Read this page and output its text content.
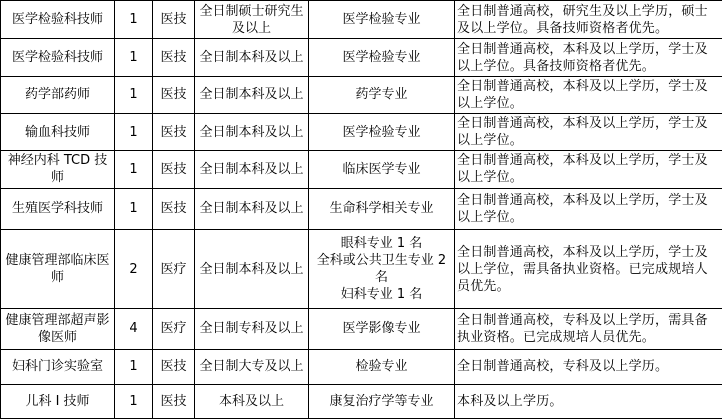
医学检验科技师	1	医技	全日制硕士研究生及以上	医学检验专业	全日制普通高校，研究生及以上学历，硕士及以上学位。具备技师资格者优先。
医学检验科技师	1	医技	全日制本科及以上	医学检验专业	全日制普通高校，本科及以上学历，学士及以上学位。具备技师资格者优先。
药学部药师	1	医技	全日制本科及以上	药学专业	全日制普通高校，本科及以上学历，学士及以上学位。
输血科技师	1	医技	全日制本科及以上	医学检验专业	全日制普通高校，本科及以上学历，学士及以上学位。
神经内科 TCD 技师	1	医技	全日制本科及以上	临床医学专业	全日制普通高校，本科及以上学历，学士及以上学位。
生殖医学科技师	1	医技	全日制本科及以上	生命科学相关专业	全日制普通高校，本科及以上学历，学士及以上学位。
健康管理部临床医师	2	医疗	全日制本科及以上	眼科专业 1 名
全科或公共卫生专业 2 名
妇科专业 1 名	全日制普通高校，本科及以上学历，学士及以上学位，需具备执业资格。已完成规培人员优先。
健康管理部超声影像医师	4	医疗	全日制专科及以上	医学影像专业	全日制普通高校，专科及以上学历，需具备执业资格。已完成规培人员优先。
妇科门诊实验室	1	医技	全日制大专及以上	检验专业	全日制普通高校，专科及以上学历。
儿科 I 技师	1	医技	本科及以上	康复治疗学等专业	本科及以上学历。
